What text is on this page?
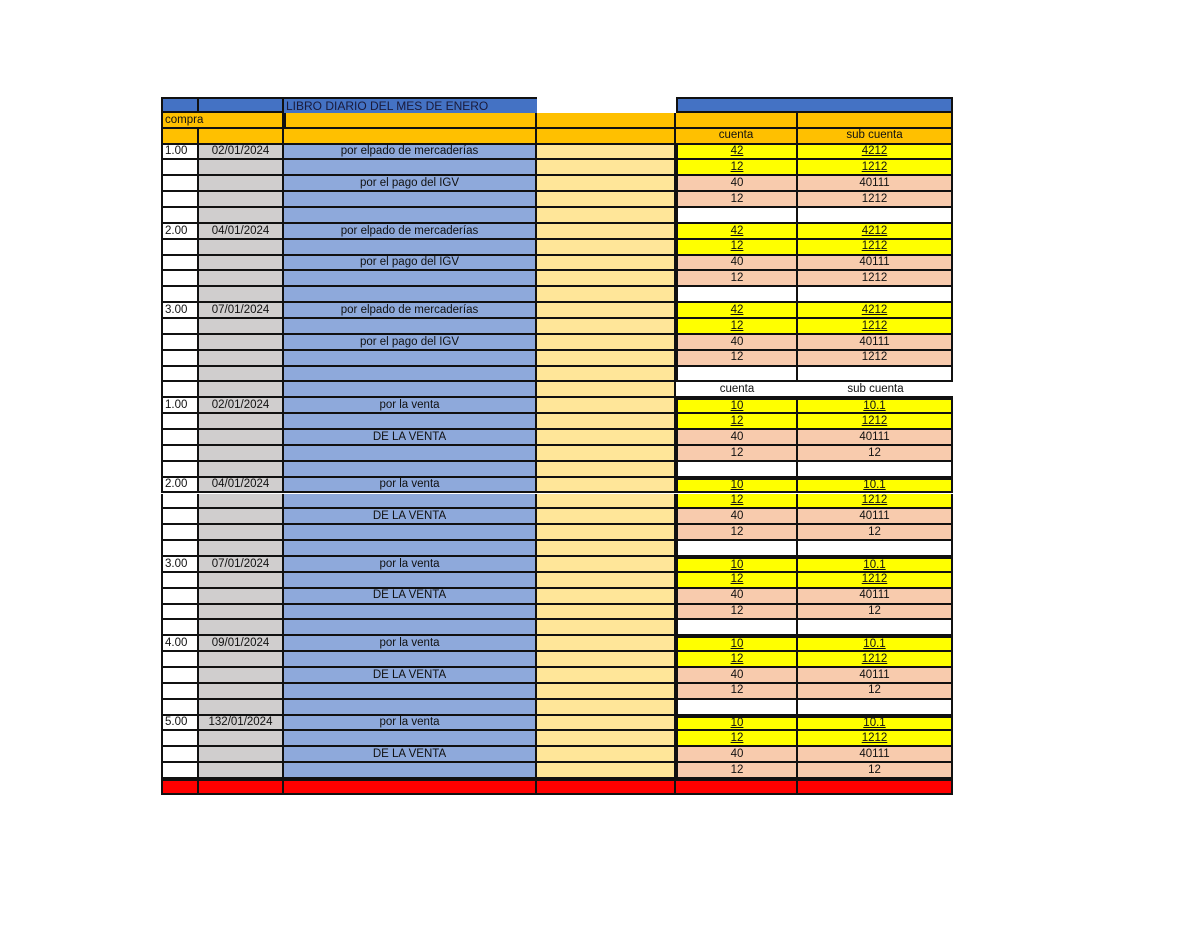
LIBRO DIARIO DEL MES DE ENERO
compra
cuenta	sub cuenta
1.00	02/01/2024	por elpado de mercaderías	42	4212
12	1212
por el pago del IGV	40	40111
12	1212
2.00	04/01/2024	por elpado de mercaderías	42	4212
12	1212
por el pago del IGV	40	40111
12	1212
3.00	07/01/2024	por elpado de mercaderías	42	4212
12	1212
por el pago del IGV	40	40111
12	1212
cuenta	sub cuenta
1.00	02/01/2024	por la venta	10	10.1
12	1212
DE LA VENTA	40	40111
12	12
2.00	04/01/2024	por la venta	10	10.1
12	1212
DE LA VENTA	40	40111
12	12
3.00	07/01/2024	por la venta	10	10.1
12	1212
DE LA VENTA	40	40111
12	12
4.00	09/01/2024	por la venta	10	10.1
12	1212
DE LA VENTA	40	40111
12	12
5.00	132/01/2024	por la venta	10	10.1
12	1212
DE LA VENTA	40	40111
12	12
